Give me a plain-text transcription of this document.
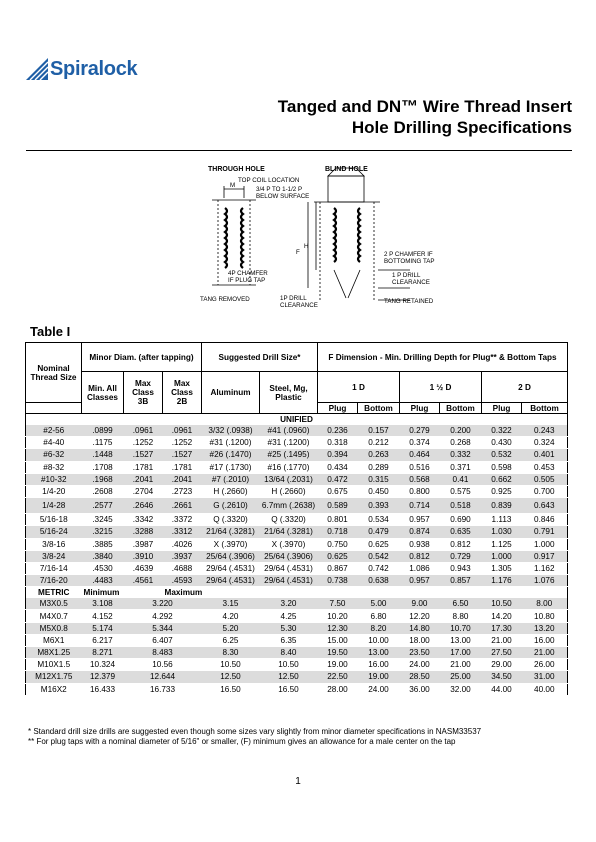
Spiralock
Tanged and DN™ Wire Thread Insert
Hole Drilling Specifications
THROUGH HOLE	BLIND HOLE
TOP COIL LOCATION
3/4 P TO 1-1/2 P
BELOW SURFACE
M
H
F	2 P CHAMFER IF
BOTTOMING TAP
1 P DRILL
CLEARANCE
4P CHAMFER
IF PLUG TAP
TANG REMOVED	1P DRILL
CLEARANCE
TANG RETAINED
Table I
Nominal Thread Size	Minor Diam. (after tapping)			Suggested Drill Size*		F Dimension - Min. Drilling Depth for Plug** & Bottom Taps					
	Min. All Classes	Max Class 3B	Max Class 2B	Aluminum	Steel, Mg, Plastic	1 D		1 ½ D		2 D	
						Plug	Bottom	Plug	Bottom	Plug	Bottom
UNIFIED											
#2-56	.0899	.0961	.0961	3/32 (.0938)	#41 (.0960)	0.236	0.157	0.279	0.200	0.322	0.243
#4-40	.1175	.1252	.1252	#31 (.1200)	#31 (.1200)	0.318	0.212	0.374	0.268	0.430	0.324
#6-32	.1448	.1527	.1527	#26 (.1470)	#25 (.1495)	0.394	0.263	0.464	0.332	0.532	0.401
#8-32	.1708	.1781	.1781	#17 (.1730)	#16 (.1770)	0.434	0.289	0.516	0.371	0.598	0.453
#10-32	.1968	.2041	.2041	#7 (.2010)	13/64 (.2031)	0.472	0.315	0.568	0.41	0.662	0.505
1/4-20	.2608	.2704	.2723	H (.2660)	H (.2660)	0.675	0.450	0.800	0.575	0.925	0.700
1/4-28	.2577	.2646	.2661	G (.2610)	6.7mm (.2638)	0.589	0.393	0.714	0.518	0.839	0.643
5/16-18	.3245	.3342	.3372	Q (.3320)	Q (.3320)	0.801	0.534	0.957	0.690	1.113	0.846
5/16-24	.3215	.3288	.3312	21/64 (.3281)	21/64 (.3281)	0.718	0.479	0.874	0.635	1.030	0.791
3/8-16	.3885	.3987	.4026	X (.3970)	X (.3970)	0.750	0.625	0.938	0.812	1.125	1.000
3/8-24	.3840	.3910	.3937	25/64 (.3906)	25/64 (.3906)	0.625	0.542	0.812	0.729	1.000	0.917
7/16-14	.4530	.4639	.4688	29/64 (.4531)	29/64 (.4531)	0.867	0.742	1.086	0.943	1.305	1.162
7/16-20	.4483	.4561	.4593	29/64 (.4531)	29/64 (.4531)	0.738	0.638	0.957	0.857	1.176	1.076
METRIC	Minimum		Maximum								
M3X0.5	3.108	3.220		3.15	3.20	7.50	5.00	9.00	6.50	10.50	8.00
M4X0.7	4.152	4.292		4.20	4.25	10.20	6.80	12.20	8.80	14.20	10.80
M5X0.8	5.174	5.344		5.20	5.30	12.30	8.20	14.80	10.70	17.30	13.20
M6X1	6.217	6.407		6.25	6.35	15.00	10.00	18.00	13.00	21.00	16.00
M8X1.25	8.271	8.483		8.30	8.40	19.50	13.00	23.50	17.00	27.50	21.00
M10X1.5	10.324	10.56		10.50	10.50	19.00	16.00	24.00	21.00	29.00	26.00
M12X1.75	12.379	12.644		12.50	12.50	22.50	19.00	28.50	25.00	34.50	31.00
M16X2	16.433	16.733		16.50	16.50	28.00	24.00	36.00	32.00	44.00	40.00
* Standard drill size drills are suggested even though some sizes vary slightly from minor diameter specifications in NASM33537
** For plug taps with a nominal diameter of 5/16" or smaller, (F) minimum gives an allowance for a male center on the tap
1
